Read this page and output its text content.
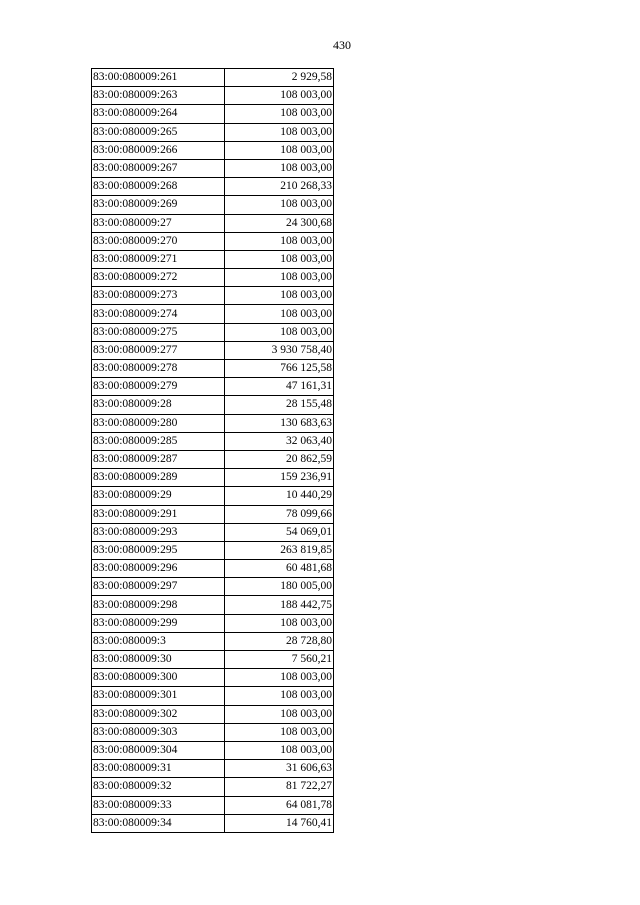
430
83:00:080009:261	2 929,58
83:00:080009:263	108 003,00
83:00:080009:264	108 003,00
83:00:080009:265	108 003,00
83:00:080009:266	108 003,00
83:00:080009:267	108 003,00
83:00:080009:268	210 268,33
83:00:080009:269	108 003,00
83:00:080009:27	24 300,68
83:00:080009:270	108 003,00
83:00:080009:271	108 003,00
83:00:080009:272	108 003,00
83:00:080009:273	108 003,00
83:00:080009:274	108 003,00
83:00:080009:275	108 003,00
83:00:080009:277	3 930 758,40
83:00:080009:278	766 125,58
83:00:080009:279	47 161,31
83:00:080009:28	28 155,48
83:00:080009:280	130 683,63
83:00:080009:285	32 063,40
83:00:080009:287	20 862,59
83:00:080009:289	159 236,91
83:00:080009:29	10 440,29
83:00:080009:291	78 099,66
83:00:080009:293	54 069,01
83:00:080009:295	263 819,85
83:00:080009:296	60 481,68
83:00:080009:297	180 005,00
83:00:080009:298	188 442,75
83:00:080009:299	108 003,00
83:00:080009:3	28 728,80
83:00:080009:30	7 560,21
83:00:080009:300	108 003,00
83:00:080009:301	108 003,00
83:00:080009:302	108 003,00
83:00:080009:303	108 003,00
83:00:080009:304	108 003,00
83:00:080009:31	31 606,63
83:00:080009:32	81 722,27
83:00:080009:33	64 081,78
83:00:080009:34	14 760,41
